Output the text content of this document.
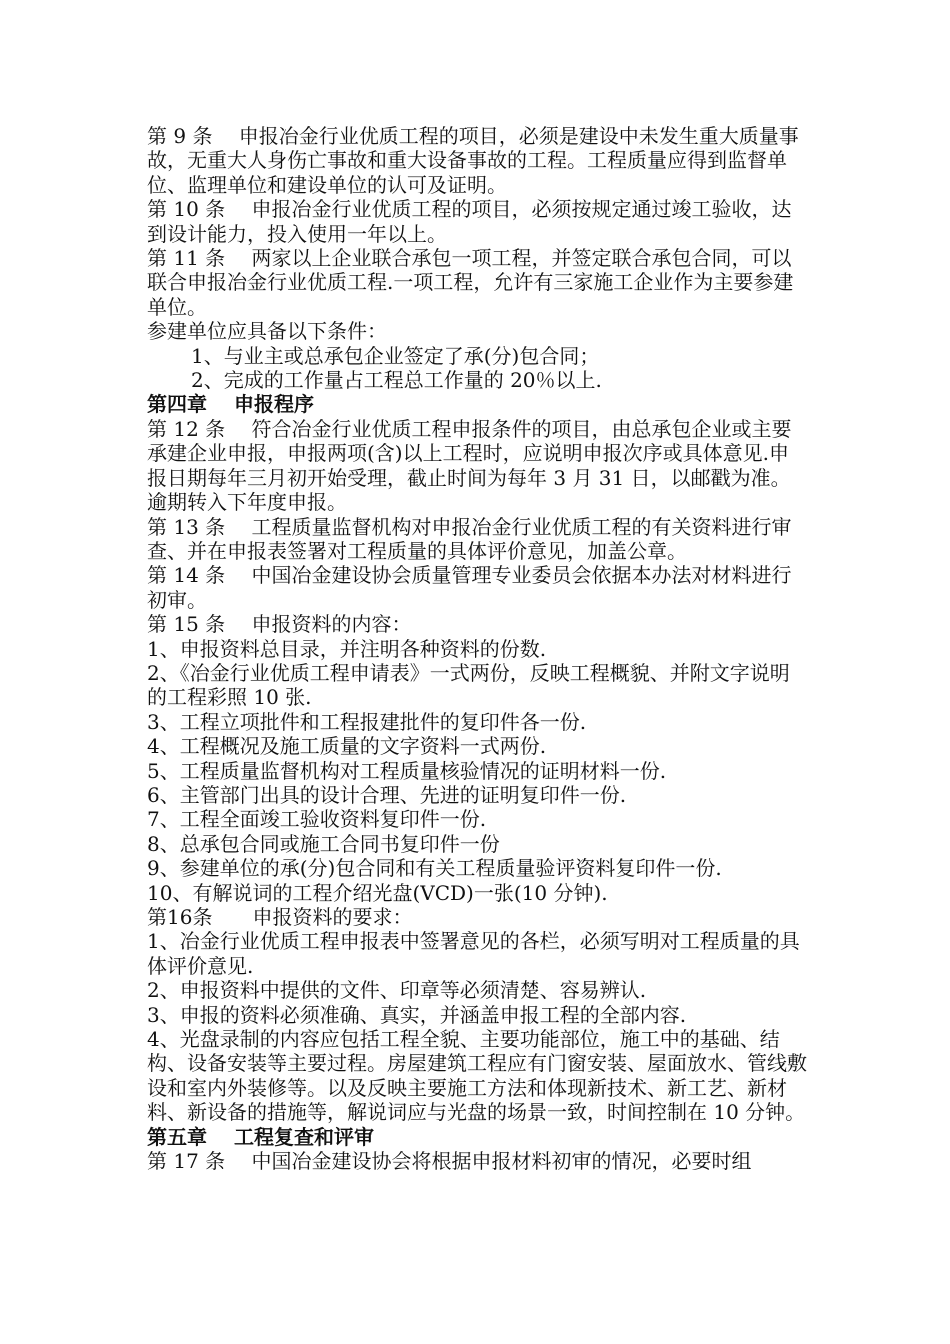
第 9 条　 申报冶金行业优质工程的项目，必须是建设中未发生重大质量事故，无重大人身伤亡事故和重大设备事故的工程。工程质量应得到监督单位、监理单位和建设单位的认可及证明。

第 10 条　 申报冶金行业优质工程的项目，必须按规定通过竣工验收，达到设计能力，投入使用一年以上。

第 11 条　 两家以上企业联合承包一项工程，并签定联合承包合同，可以联合申报冶金行业优质工程.一项工程，允许有三家施工企业作为主要参建单位。

参建单位应具备以下条件：

1、与业主或总承包企业签定了承(分)包合同；

2、完成的工作量占工程总工作量的 20％以上.

第四章　 申报程序

第 12 条　 符合冶金行业优质工程申报条件的项目，由总承包企业或主要承建企业申报，申报两项(含)以上工程时，应说明申报次序或具体意见.申报日期每年三月初开始受理，截止时间为每年 3 月 31 日，以邮戳为准。逾期转入下年度申报。

第 13 条　 工程质量监督机构对申报冶金行业优质工程的有关资料进行审查、并在申报表签署对工程质量的具体评价意见，加盖公章。

第 14 条　 中国冶金建设协会质量管理专业委员会依据本办法对材料进行初审。

第 15 条　 申报资料的内容：

1、申报资料总目录，并注明各种资料的份数.

2、《冶金行业优质工程申请表》一式两份，反映工程概貌、并附文字说明的工程彩照 10 张.

3、工程立项批件和工程报建批件的复印件各一份.

4、工程概况及施工质量的文字资料一式两份.

5、工程质量监督机构对工程质量核验情况的证明材料一份.

6、主管部门出具的设计合理、先进的证明复印件一份.

7、工程全面竣工验收资料复印件一份.

8、总承包合同或施工合同书复印件一份

9、参建单位的承(分)包合同和有关工程质量验评资料复印件一份.

10、有解说词的工程介绍光盘(VCD)一张(10 分钟).

第16条　　申报资料的要求：

1、冶金行业优质工程申报表中签署意见的各栏，必须写明对工程质量的具体评价意见.

2、申报资料中提供的文件、印章等必须清楚、容易辨认.

3、申报的资料必须准确、真实，并涵盖申报工程的全部内容.

4、光盘录制的内容应包括工程全貌、主要功能部位，施工中的基础、结构、设备安装等主要过程。房屋建筑工程应有门窗安装、屋面放水、管线敷设和室内外装修等。以及反映主要施工方法和体现新技术、新工艺、新材料、新设备的措施等，解说词应与光盘的场景一致，时间控制在 10 分钟。

第五章　 工程复查和评审

第 17 条　 中国冶金建设协会将根据申报材料初审的情况，必要时组
